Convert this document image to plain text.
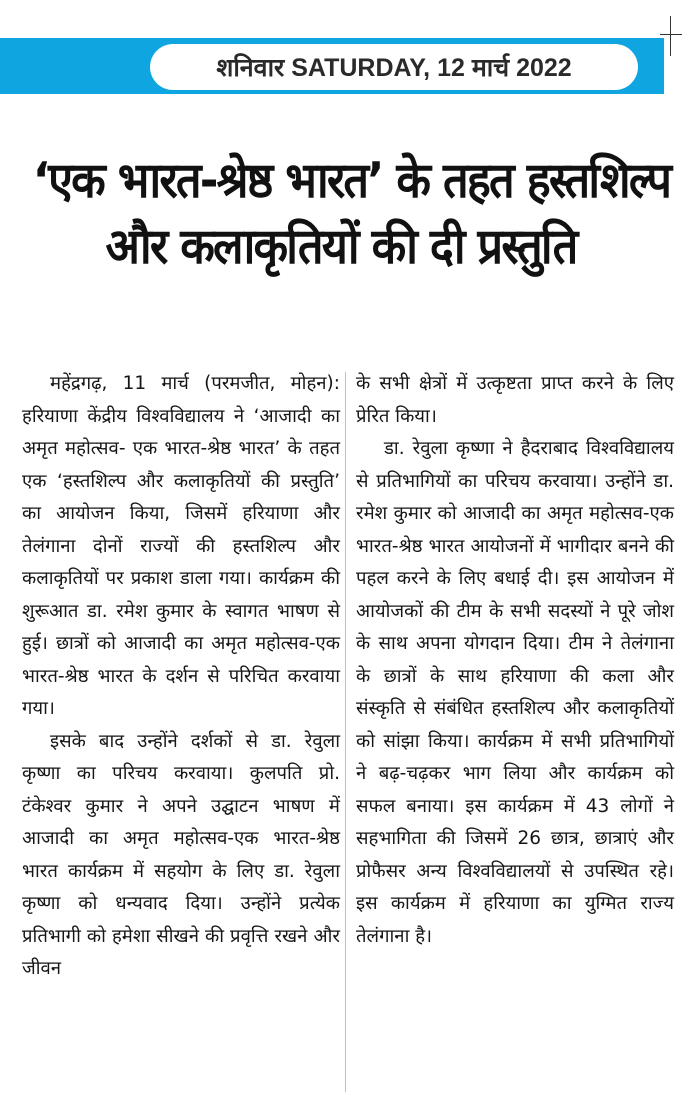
शनिवार SATURDAY, 12 मार्च 2022
‘एक भारत-श्रेष्ठ भारत’ के तहत हस्तशिल्प
और कलाकृतियों की दी प्रस्तुति

महेंद्रगढ़, 11 मार्च (परमजीत, मोहन): हरियाणा केंद्रीय विश्वविद्यालय ने ‘आजादी का अमृत महोत्सव- एक भारत-श्रेष्ठ भारत’ के तहत एक ‘हस्तशिल्प और कलाकृतियों की प्रस्तुति’ का आयोजन किया, जिसमें हरियाणा और तेलंगाना दोनों राज्यों की हस्तशिल्प और कलाकृतियों पर प्रकाश डाला गया। कार्यक्रम की शुरूआत डा. रमेश कुमार के स्वागत भाषण से हुई। छात्रों को आजादी का अमृत महोत्सव-एक भारत-श्रेष्ठ भारत के दर्शन से परिचित करवाया गया।

इसके बाद उन्होंने दर्शकों से डा. रेवुला कृष्णा का परिचय करवाया। कुलपति प्रो. टंकेश्वर कुमार ने अपने उद्घाटन भाषण में आजादी का अमृत महोत्सव-एक भारत-श्रेष्ठ भारत कार्यक्रम में सहयोग के लिए डा. रेवुला कृष्णा को धन्यवाद दिया। उन्होंने प्रत्येक प्रतिभागी को हमेशा सीखने की प्रवृत्ति रखने और जीवन

के सभी क्षेत्रों में उत्कृष्टता प्राप्त करने के लिए प्रेरित किया।

डा. रेवुला कृष्णा ने हैदराबाद विश्वविद्यालय से प्रतिभागियों का परिचय करवाया। उन्होंने डा. रमेश कुमार को आजादी का अमृत महोत्सव-एक भारत-श्रेष्ठ भारत आयोजनों में भागीदार बनने की पहल करने के लिए बधाई दी। इस आयोजन में आयोजकों की टीम के सभी सदस्यों ने पूरे जोश के साथ अपना योगदान दिया। टीम ने तेलंगाना के छात्रों के साथ हरियाणा की कला और संस्कृति से संबंधित हस्तशिल्प और कलाकृतियों को सांझा किया। कार्यक्रम में सभी प्रतिभागियों ने बढ़-चढ़कर भाग लिया और कार्यक्रम को सफल बनाया। इस कार्यक्रम में 43 लोगों ने सहभागिता की जिसमें 26 छात्र, छात्राएं और प्रोफैसर अन्य विश्वविद्यालयों से उपस्थित रहे। इस कार्यक्रम में हरियाणा का युग्मित राज्य तेलंगाना है।
